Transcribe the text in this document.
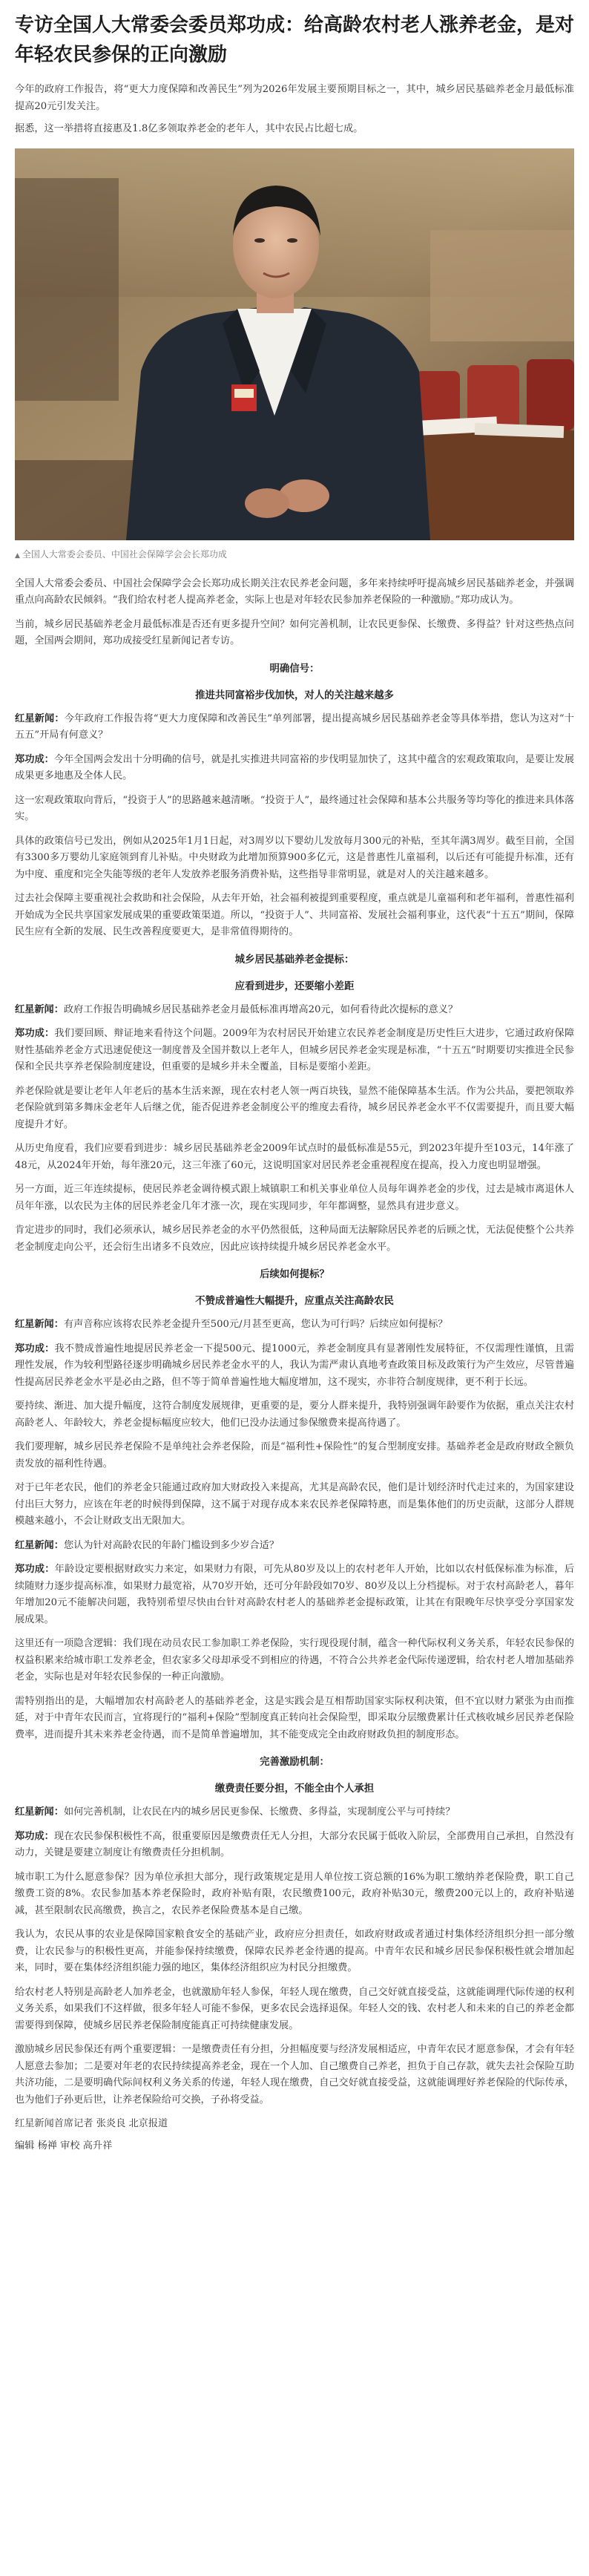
专访全国人大常委会委员郑功成：给高龄农村老人涨养老金，是对年轻农民参保的正向激励

今年的政府工作报告，将“更大力度保障和改善民生”列为2026年发展主要预期目标之一，其中，城乡居民基础养老金月最低标准提高20元引发关注。

据悉，这一举措将直接惠及1.8亿多领取养老金的老年人，其中农民占比超七成。

▲ 全国人大常委会委员、中国社会保障学会会长郑功成

全国人大常委会委员、中国社会保障学会会长郑功成长期关注农民养老金问题，多年来持续呼吁提高城乡居民基础养老金，并强调重点向高龄农民倾斜。“我们给农村老人提高养老金，实际上也是对年轻农民参加养老保险的一种激励。”郑功成认为。

当前，城乡居民基础养老金月最低标准是否还有更多提升空间？如何完善机制，让农民更参保、长缴费、多得益？针对这些热点问题，全国两会期间，郑功成接受红星新闻记者专访。

明确信号：
推进共同富裕步伐加快，对人的关注越来越多

红星新闻：今年政府工作报告将“更大力度保障和改善民生”单列部署，提出提高城乡居民基础养老金等具体举措，您认为这对“十五五”开局有何意义？

郑功成：今年全国两会发出十分明确的信号，就是扎实推进共同富裕的步伐明显加快了，这其中蕴含的宏观政策取向，是要让发展成果更多地惠及全体人民。

这一宏观政策取向背后，“投资于人”的思路越来越清晰。“投资于人”，最终通过社会保障和基本公共服务等均等化的推进来具体落实。

具体的政策信号已发出，例如从2025年1月1日起，对3周岁以下婴幼儿发放每月300元的补贴，至其年满3周岁。截至目前，全国有3300多万婴幼儿家庭领到育儿补贴。中央财政为此增加预算900多亿元，这是普惠性儿童福利，以后还有可能提升标准，还有为中度、重度和完全失能等级的老年人发放养老服务消费补贴，这些指导非常明显，就是对人的关注越来越多。

过去社会保障主要重视社会救助和社会保险，从去年开始，社会福利被提到重要程度，重点就是儿童福利和老年福利，普惠性福利开始成为全民共享国家发展成果的重要政策渠道。所以，“投资于人”、共同富裕、发展社会福利事业，这代表“十五五”期间，保障民生应有全新的发展、民生改善程度要更大，是非常值得期待的。

城乡居民基础养老金提标：
应看到进步，还要缩小差距

红星新闻：政府工作报告明确城乡居民基础养老金月最低标准再增高20元，如何看待此次提标的意义？

郑功成：我们要回顾、辩证地来看待这个问题。2009年为农村居民开始建立农民养老金制度是历史性巨大进步，它通过政府保障财性基础养老金方式迅速促使这一制度普及全国并数以上老年人，但城乡居民养老金实现是标准，“十五五”时期要切实推进全民参保和全民共享养老保险制度建设，但重要的是城乡并未全覆盖，目标是要缩小差距。

养老保险就是要让老年人年老后的基本生活来源，现在农村老人领一两百块钱，显然不能保障基本生活。作为公共品，要把领取养老保险就到第多舞床金老年人后继之优，能否促进养老金制度公平的维度去看待，城乡居民养老金水平不仅需要提升，而且要大幅度提升才好。

从历史角度看，我们应要看到进步：城乡居民基础养老金2009年试点时的最低标准是55元，到2023年提升至103元，14年涨了48元，从2024年开始，每年涨20元，这三年涨了60元，这说明国家对居民养老金重视程度在提高，投入力度也明显增强。

另一方面，近三年连续提标，使居民养老金调待模式跟上城镇职工和机关事业单位人员每年调养老金的步伐，过去是城市离退休人员年年涨，以农民为主体的居民养老金几年才涨一次，现在实现同步，年年都调整，显然具有进步意义。

肯定进步的同时，我们必须承认，城乡居民养老金的水平仍然很低，这种局面无法解除居民养老的后顾之忧，无法促使整个公共养老金制度走向公平，还会衍生出诸多不良效应，因此应该持续提升城乡居民养老金水平。

后续如何提标？
不赞成普遍性大幅提升，应重点关注高龄农民

红星新闻：有声音称应该将农民养老金提升至500元/月甚至更高，您认为可行吗？后续应如何提标？

郑功成：我不赞成普遍性地提居民养老金一下提500元、提1000元，养老金制度具有显著刚性发展特征，不仅需理性谨慎，且需理性发展，作为较利型路径逐步明确城乡居民养老金水平的人，我认为需严肃认真地考查政策目标及政策行为产生效应，尽管普遍性提高居民养老金水平是必由之路，但不等于简单普遍性地大幅度增加，这不现实，亦非符合制度规律，更不利于长远。

要持续、渐进、加大提升幅度，这符合制度发展规律，更重要的是，要分人群来提升，我特别强调年龄要作为依据，重点关注农村高龄老人、年龄较大，养老金提标幅度应较大，他们已没办法通过参保缴费来提高待遇了。

我们要理解，城乡居民养老保险不是单纯社会养老保险，而是“福利性+保险性”的复合型制度安排。基础养老金是政府财政全额负责发放的福利性待遇。

对于已年老农民，他们的养老金只能通过政府加大财政投入来提高，尤其是高龄农民，他们是计划经济时代走过来的，为国家建设付出巨大努力，应该在年老的时候得到保障，这不属于对现存成本来农民养老保障特惠，而是集体他们的历史贡献，这部分人群规模越来越小，不会让财政支出无限加大。

红星新闻：您认为针对高龄农民的年龄门槛设到多少岁合适？

郑功成：年龄设定要根据财政实力来定，如果财力有限，可先从80岁及以上的农村老年人开始，比如以农村低保标准为标准，后续随财力逐步提高标准，如果财力最宽裕，从70岁开始，还可分年龄段如70岁、80岁及以上分档提标。对于农村高龄老人，暮年年增加20元不能解决问题，我特别希望尽快由台针对高龄农村老人的基础养老金提标政策，让其在有限晚年尽快享受分享国家发展成果。

这里还有一项隐含逻辑：我们现在动员农民工参加职工养老保险，实行现役现付制，蕴含一种代际权利义务关系，年轻农民参保的权益积累来给城市职工发养老金，但农家多父母却承受不到相应的待遇，不符合公共养老金代际传递逻辑，给农村老人增加基础养老金，实际也是对年轻农民参保的一种正向激励。

需特别指出的是，大幅增加农村高龄老人的基础养老金，这是实践会是互相帮助国家实际权利决策，但不宜以财力紧张为由而推延，对于中青年农民而言，宜将现行的“福利+保险”型制度真正转向社会保险型，即采取分层缴费累计任式核收城乡居民养老保险费率，进而提升其未来养老金待遇，而不是简单普遍增加，其不能变成完全由政府财政负担的制度形态。

完善激励机制：
缴费责任要分担，不能全由个人承担

红星新闻：如何完善机制，让农民在内的城乡居民更参保、长缴费、多得益，实现制度公平与可持续？

郑功成：现在农民参保积极性不高，很重要原因是缴费责任无人分担，大部分农民属于低收入阶层，全部费用自己承担，自然没有动力，关键是要建立制度让有缴费责任分担机制。

城市职工为什么愿意参保？因为单位承担大部分，现行政策规定是用人单位按工资总额的16%为职工缴纳养老保险费，职工自己缴费工资的8%。农民参加基本养老保险时，政府补贴有限，农民缴费100元，政府补贴30元，缴费200元以上的，政府补贴递减，甚至限制农民高缴费，换言之，农民养老保险费基本是自己缴。

我认为，农民从事的农业是保障国家粮食安全的基础产业，政府应分担责任，如政府财政或者通过村集体经济组织分担一部分缴费，让农民参与的积极性更高，并能参保持续缴费，保障农民养老金待遇的提高。中青年农民和城乡居民参保积极性就会增加起来，同时，要在集体经济组织能力强的地区，集体经济组织应为村民分担缴费。

给农村老人特别是高龄老人加养老金，也就激励年轻人参保，年轻人现在缴费，自己交好就直接受益，这就能调理代际传递的权利义务关系，如果我们不这样做，很多年轻人可能不参保，更多农民会选择退保。年轻人交的钱、农村老人和未来的自己的养老金都需要得到保障，使城乡居民养老保险制度能真正可持续健康发展。

激励城乡居民参保还有两个重要逻辑：一是缴费责任有分担，分担幅度要与经济发展相适应，中青年农民才愿意参保，才会有年轻人愿意去参加；二是要对年老的农民持续提高养老金，现在一个人加、自己缴费自己养老，担负于自己存款，就失去社会保险互助共济功能，二是要明确代际间权利义务关系的传递，年轻人现在缴费，自己交好就直接受益，这就能调理好养老保险的代际传承，也为他们子孙更后世，让养老保险给可交换，子孙将受益。

红星新闻首席记者 张炎良 北京报道

编辑 杨禅 审校 高升祥
